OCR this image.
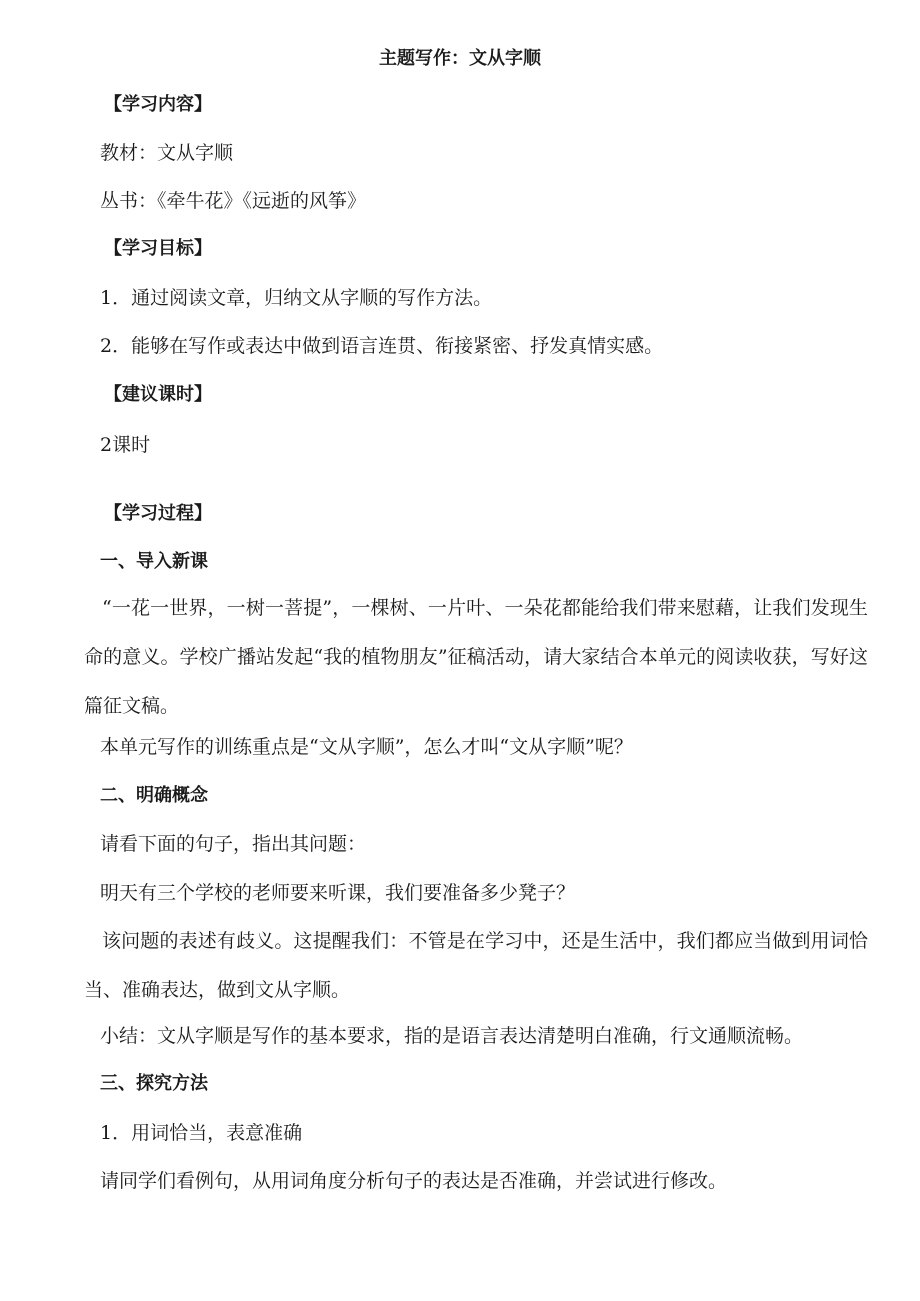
主题写作：文从字顺
【学习内容】
教材：文从字顺
丛书：《牵牛花》《远逝的风筝》
【学习目标】
1．通过阅读文章，归纳文从字顺的写作方法。
2．能够在写作或表达中做到语言连贯、衔接紧密、抒发真情实感。
【建议课时】
2课时
【学习过程】
一、导入新课
“一花一世界，一树一菩提”，一棵树、一片叶、一朵花都能给我们带来慰藉，让我们发现生命的意义。学校广播站发起“我的植物朋友”征稿活动，请大家结合本单元的阅读收获，写好这篇征文稿。
本单元写作的训练重点是“文从字顺”，怎么才叫“文从字顺”呢？
二、明确概念
请看下面的句子，指出其问题：
明天有三个学校的老师要来听课，我们要准备多少凳子？
该问题的表述有歧义。这提醒我们：不管是在学习中，还是生活中，我们都应当做到用词恰当、准确表达，做到文从字顺。
小结：文从字顺是写作的基本要求，指的是语言表达清楚明白准确，行文通顺流畅。
三、探究方法
1．用词恰当，表意准确
请同学们看例句，从用词角度分析句子的表达是否准确，并尝试进行修改。
